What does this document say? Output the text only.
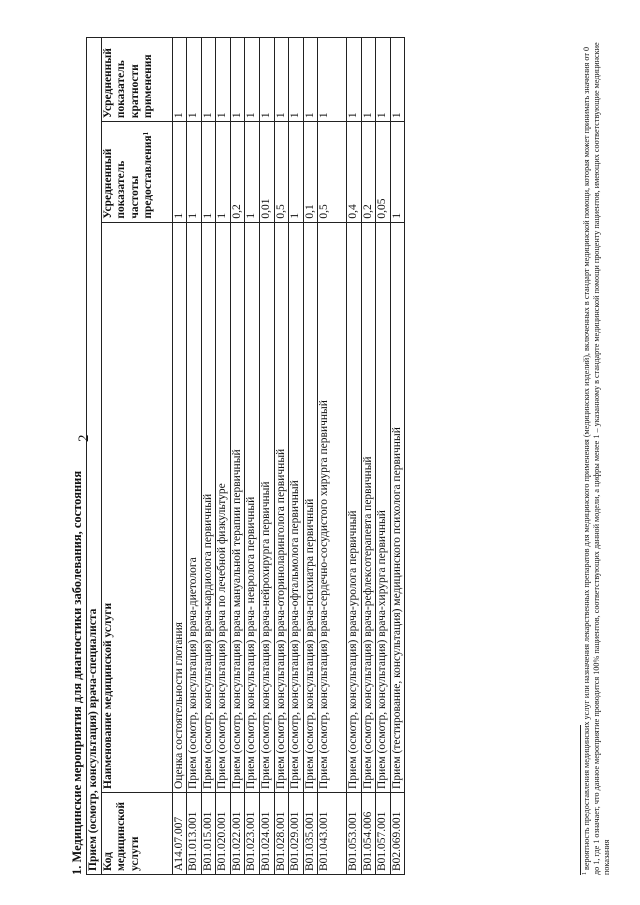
2
1. Медицинские мероприятия для диагностики заболевания, состояния Прием (осмотр, консультация) врача-специалиста			
Код медицинской услуги	Наименование медицинской услуги	Усредненный показатель частоты предоставления$^1$	Усредненный показатель кратности применения
A14.07.007	Оценка состоятельности глотания	1	1
B01.013.001	Прием (осмотр, консультация) врача-диетолога	1	1
B01.015.001	Прием (осмотр, консультация) врача-кардиолога первичный	1	1
B01.020.001	Прием (осмотр, консультация) врача по лечебной физкультуре	1	1
B01.022.001	Прием (осмотр, консультация) врача мануальной терапии первичный	0,2	1
B01.023.001	Прием (осмотр, консультация) врача- невролога первичный	1	1
B01.024.001	Прием (осмотр, консультация) врача-нейрохирурга первичный	0,01	1
B01.028.001	Прием (осмотр, консультация) врача-оториноларинголога первичный	0,5	1
B01.029.001	Прием (осмотр, консультация) врача-офтальмолога первичный	1	1
B01.035.001	Прием (осмотр, консультация) врача-психиатра первичный	0,1	1
B01.043.001	Прием (осмотр, консультация) врача-сердечно-сосудистого хирурга первичный	0,5	1
B01.053.001	Прием (осмотр, консультация) врача-уролога первичный	0,4	1
B01.054.006	Прием (осмотр, консультация) врача-рефлексотерапевта первичный	0,2	1
B01.057.001	Прием (осмотр, консультация) врача-хирурга первичный	0,05	1
B02.069.001	Прием (тестирование, консультация) медицинского психолога первичный	1	1
$^1$ вероятность предоставления медицинских услуг или назначения лекарственных препаратов для медицинского применения (медицинских изделий), включенных в стандарт медицинской помощи, которая может принимать значения от 0 до 1, где 1 означает, что данное мероприятие проводится 100% пациентов, соответствующих данной модели, а цифры менее 1 – указанному в стандарте медицинской помощи проценту пациентов, имеющих соответствующие медицинские показания
